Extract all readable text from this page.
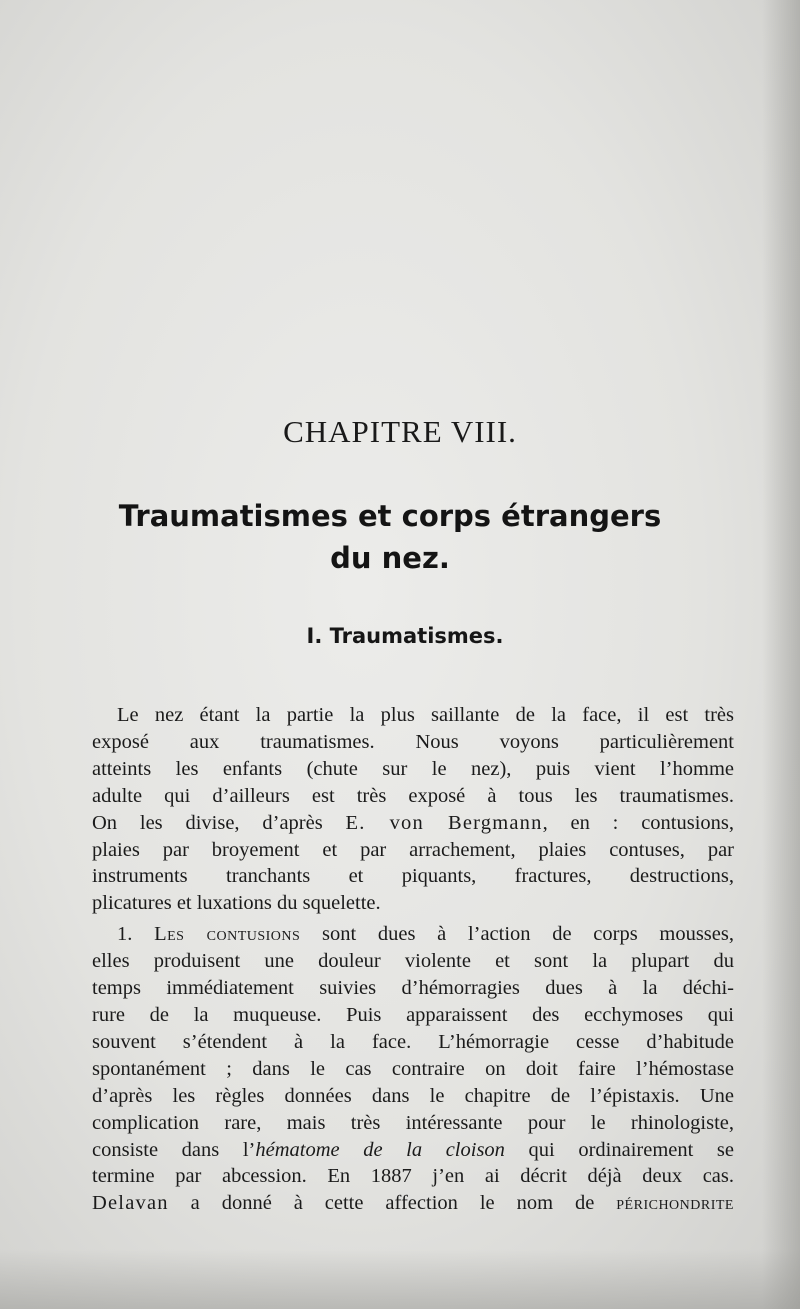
CHAPITRE VIII.
Traumatismes et corps étrangers
du nez.
I. Traumatismes.
Le nez étant la partie la plus saillante de la face, il est très
exposé aux traumatismes. Nous voyons particulièrement
atteints les enfants (chute sur le nez), puis vient l’homme
adulte qui d’ailleurs est très exposé à tous les traumatismes.
On les divise, d’après E. von Bergmann, en : contusions,
plaies par broyement et par arrachement, plaies contuses, par
instruments tranchants et piquants, fractures, destructions,
plicatures et luxations du squelette.
1. Les contusions sont dues à l’action de corps mousses,
elles produisent une douleur violente et sont la plupart du
temps immédiatement suivies d’hémorragies dues à la déchi-
rure de la muqueuse. Puis apparaissent des ecchymoses qui
souvent s’étendent à la face. L’hémorragie cesse d’habitude
spontanément ; dans le cas contraire on doit faire l’hémostase
d’après les règles données dans le chapitre de l’épistaxis. Une
complication rare, mais très intéressante pour le rhinologiste,
consiste dans l’hématome de la cloison qui ordinairement se
termine par abcession. En 1887 j’en ai décrit déjà deux cas.
Delavan a donné à cette affection le nom de périchondrite
